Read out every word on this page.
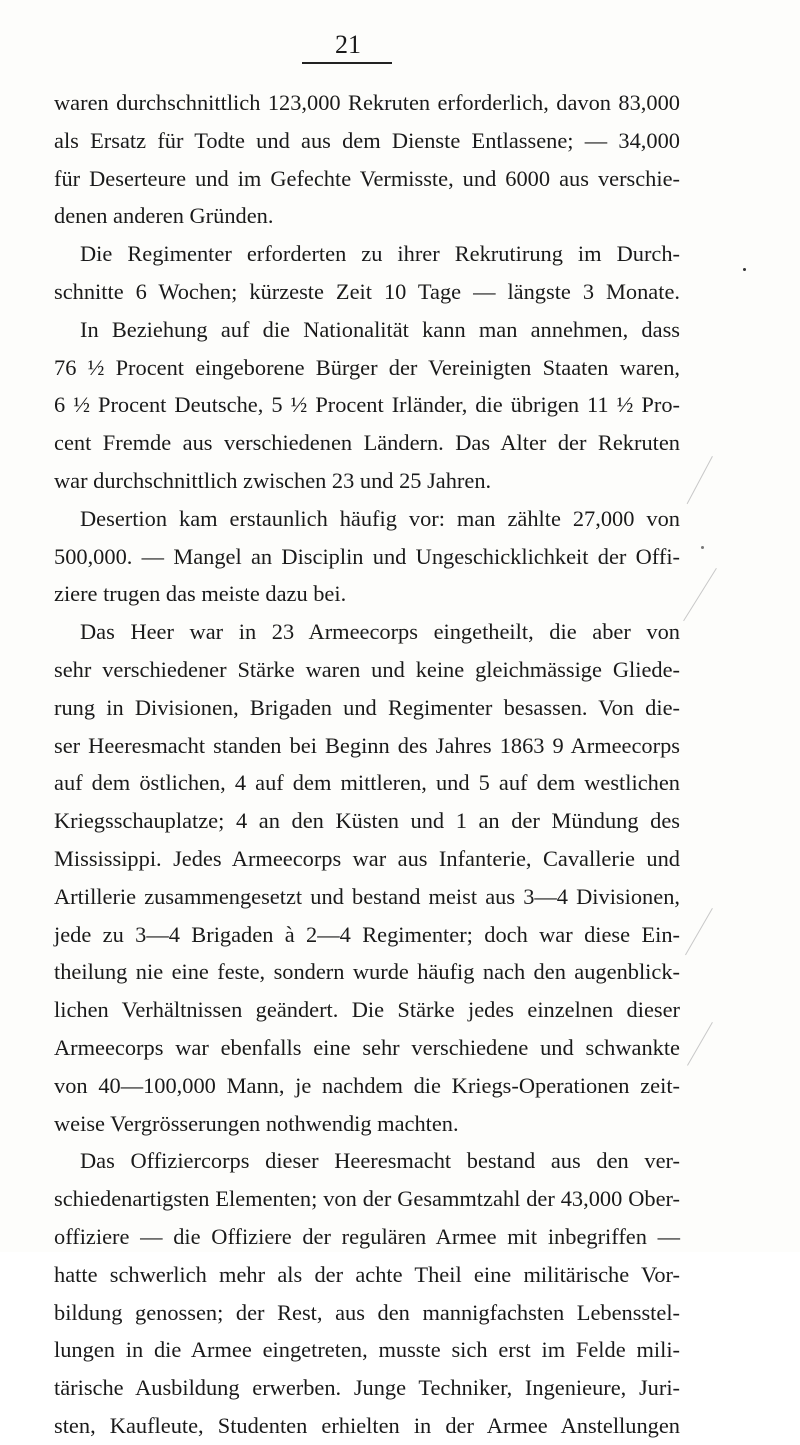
21
waren durchschnittlich 123,000 Rekruten erforderlich, davon 83,000
als Ersatz für Todte und aus dem Dienste Entlassene; — 34,000
für Deserteure und im Gefechte Vermisste, und 6000 aus verschie-
denen anderen Gründen.
Die Regimenter erforderten zu ihrer Rekrutirung im Durch-
schnitte 6 Wochen; kürzeste Zeit 10 Tage — längste 3 Monate.
In Beziehung auf die Nationalität kann man annehmen, dass
76 ½ Procent eingeborene Bürger der Vereinigten Staaten waren,
6 ½ Procent Deutsche, 5 ½ Procent Irländer, die übrigen 11 ½ Pro-
cent Fremde aus verschiedenen Ländern. Das Alter der Rekruten
war durchschnittlich zwischen 23 und 25 Jahren.
Desertion kam erstaunlich häufig vor: man zählte 27,000 von
500,000. — Mangel an Disciplin und Ungeschicklichkeit der Offi-
ziere trugen das meiste dazu bei.
Das Heer war in 23 Armeecorps eingetheilt, die aber von
sehr verschiedener Stärke waren und keine gleichmässige Gliede-
rung in Divisionen, Brigaden und Regimenter besassen. Von die-
ser Heeresmacht standen bei Beginn des Jahres 1863 9 Armeecorps
auf dem östlichen, 4 auf dem mittleren, und 5 auf dem westlichen
Kriegsschauplatze; 4 an den Küsten und 1 an der Mündung des
Mississippi. Jedes Armeecorps war aus Infanterie, Cavallerie und
Artillerie zusammengesetzt und bestand meist aus 3—4 Divisionen,
jede zu 3—4 Brigaden à 2—4 Regimenter; doch war diese Ein-
theilung nie eine feste, sondern wurde häufig nach den augenblick-
lichen Verhältnissen geändert. Die Stärke jedes einzelnen dieser
Armeecorps war ebenfalls eine sehr verschiedene und schwankte
von 40—100,000 Mann, je nachdem die Kriegs-Operationen zeit-
weise Vergrösserungen nothwendig machten.
Das Offiziercorps dieser Heeresmacht bestand aus den ver-
schiedenartigsten Elementen; von der Gesammtzahl der 43,000 Ober-
offiziere — die Offiziere der regulären Armee mit inbegriffen —
hatte schwerlich mehr als der achte Theil eine militärische Vor-
bildung genossen; der Rest, aus den mannigfachsten Lebensstel-
lungen in die Armee eingetreten, musste sich erst im Felde mili-
tärische Ausbildung erwerben. Junge Techniker, Ingenieure, Juri-
sten, Kaufleute, Studenten erhielten in der Armee Anstellungen
